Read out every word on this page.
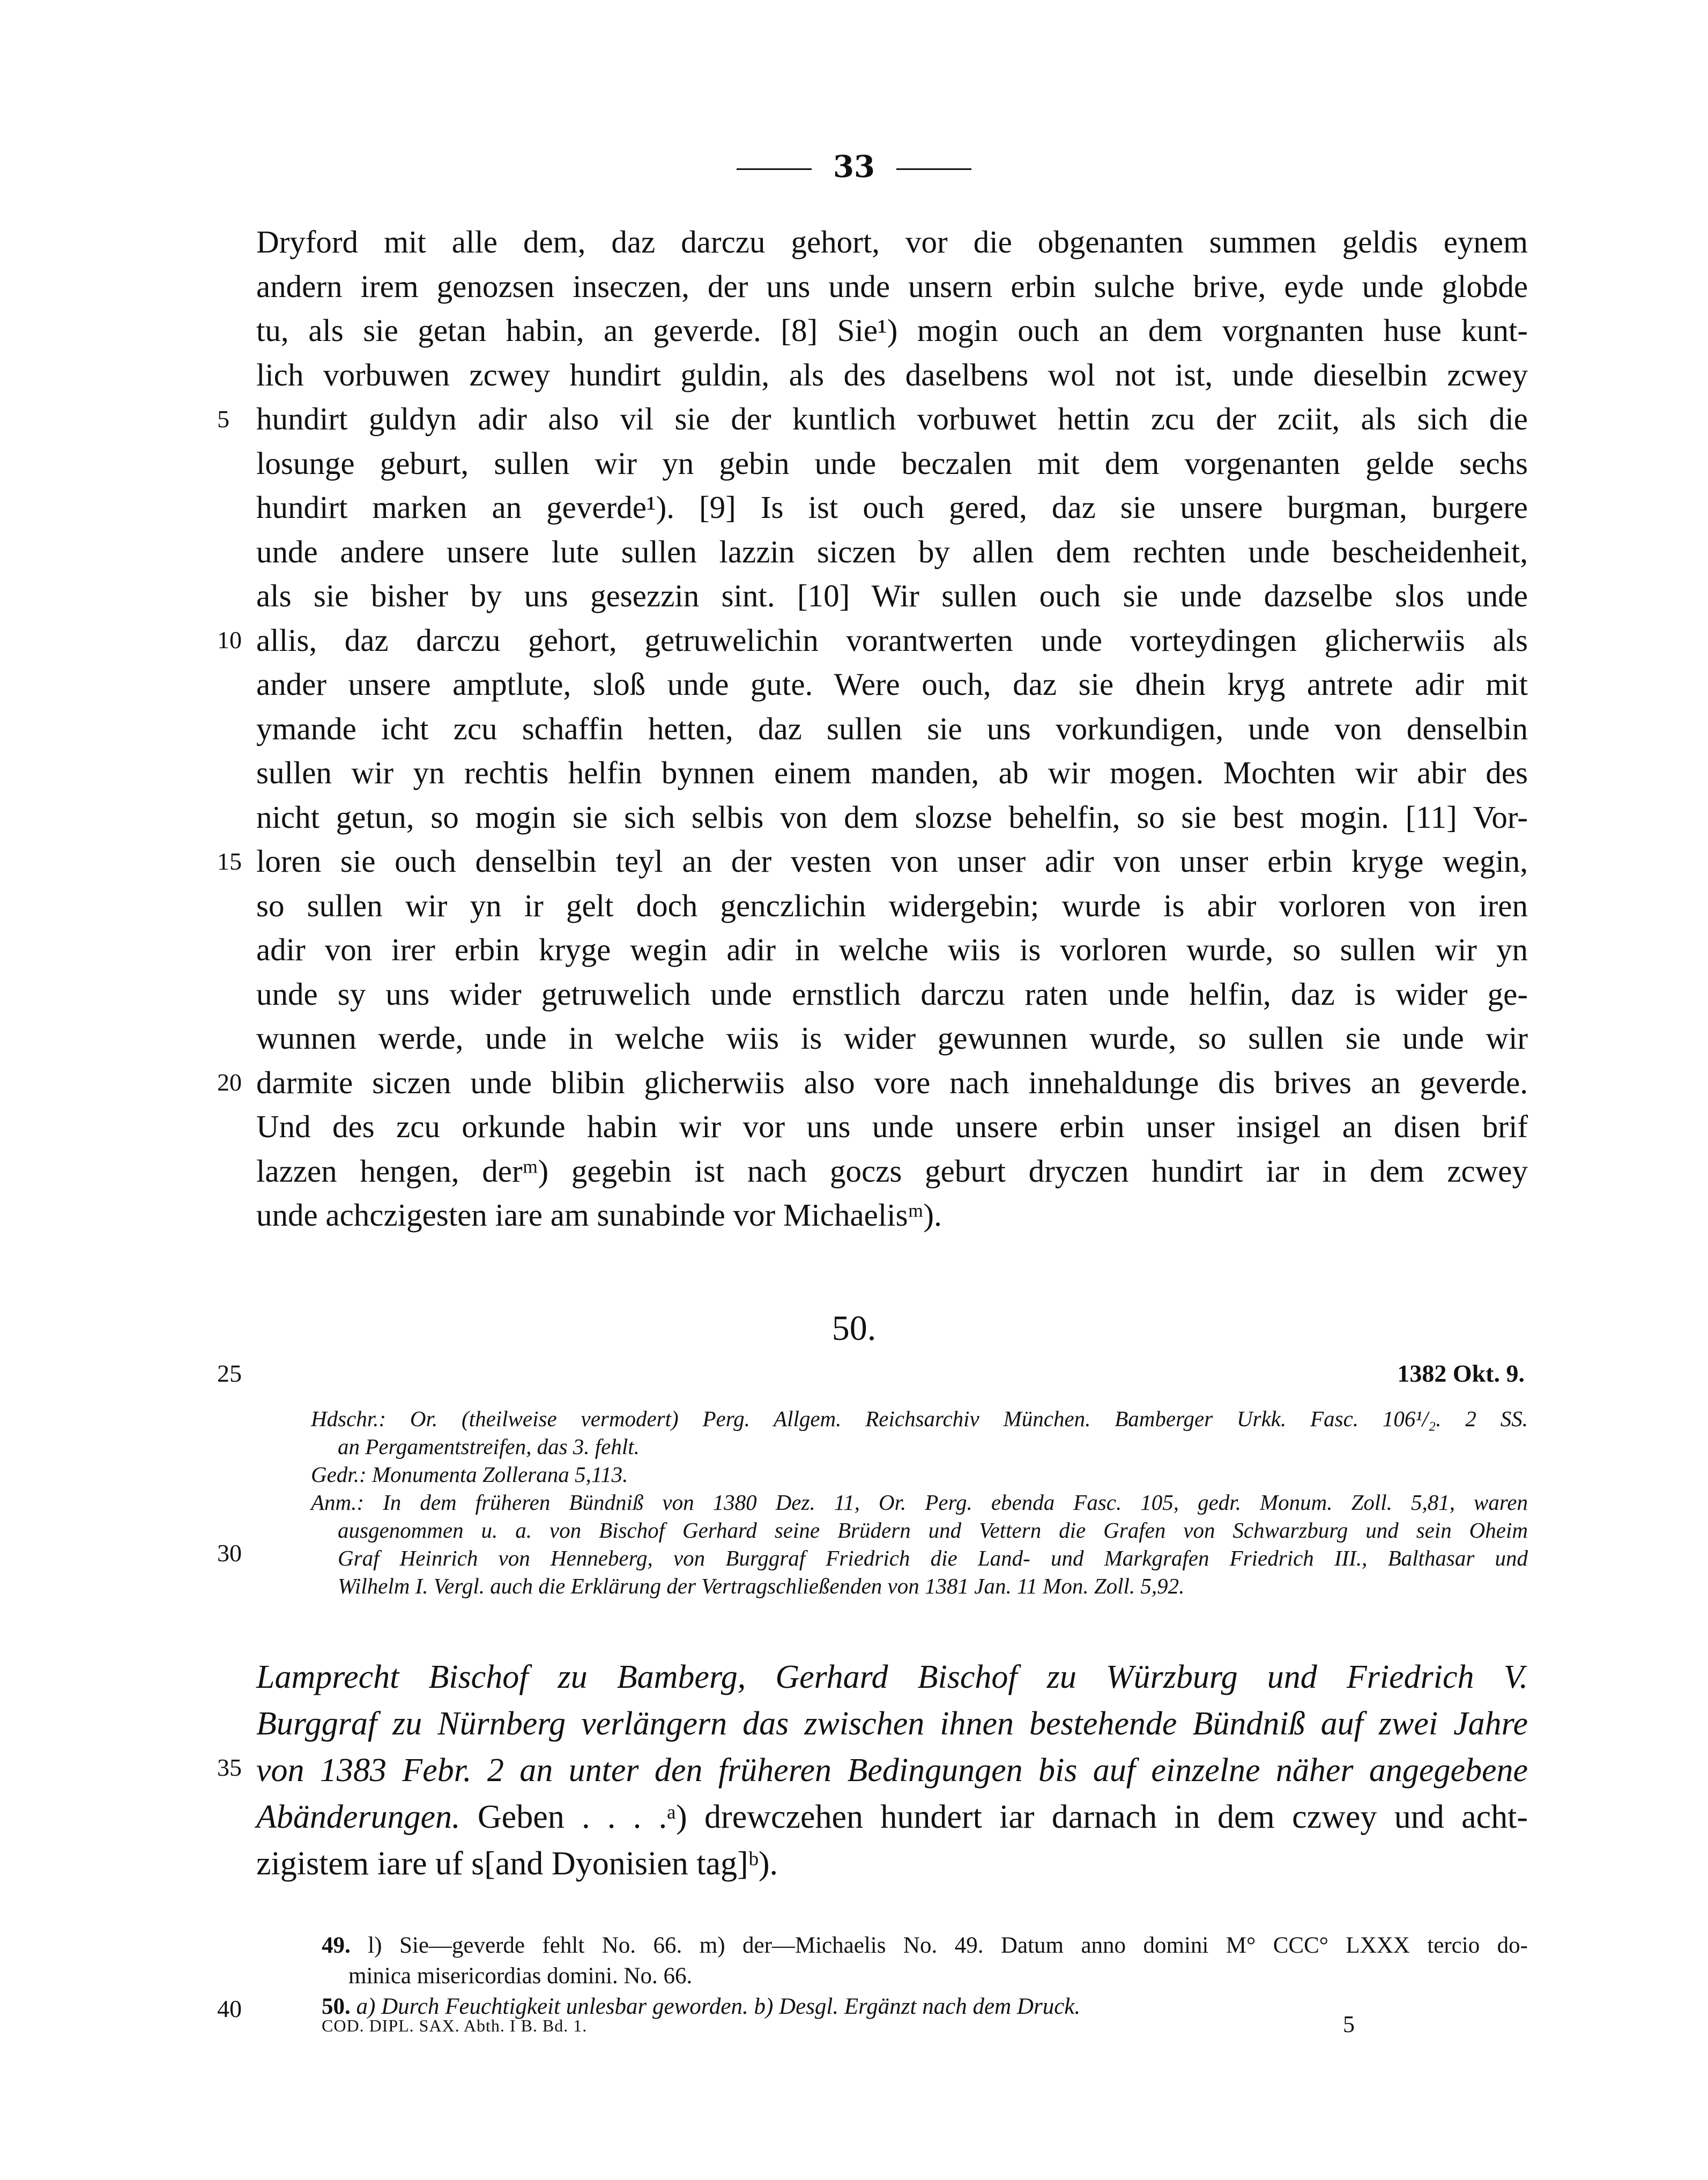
33
Dryford mit alle dem, daz darczu gehort, vor die obgenanten summen geldis eynem
andern irem genozsen inseczen, der uns unde unsern erbin sulche brive, eyde unde globde
tu, als sie getan habin, an geverde. [8] Sie¹) mogin ouch an dem vorgnanten huse kunt-
lich vorbuwen zcwey hundirt guldin, als des daselbens wol not ist, unde dieselbin zcwey
hundirt guldyn adir also vil sie der kuntlich vorbuwet hettin zcu der zciit, als sich die
losunge geburt, sullen wir yn gebin unde beczalen mit dem vorgenanten gelde sechs
hundirt marken an geverde¹). [9] Is ist ouch gered, daz sie unsere burgman, burgere
unde andere unsere lute sullen lazzin siczen by allen dem rechten unde bescheidenheit,
als sie bisher by uns gesezzin sint. [10] Wir sullen ouch sie unde dazselbe slos unde
allis, daz darczu gehort, getruwelichin vorantwerten unde vorteydingen glicherwiis als
ander unsere amptlute, sloß unde gute. Were ouch, daz sie dhein kryg antrete adir mit
ymande icht zcu schaffin hetten, daz sullen sie uns vorkundigen, unde von denselbin
sullen wir yn rechtis helfin bynnen einem manden, ab wir mogen. Mochten wir abir des
nicht getun, so mogin sie sich selbis von dem slozse behelfin, so sie best mogin. [11] Vor-
loren sie ouch denselbin teyl an der vesten von unser adir von unser erbin kryge wegin,
so sullen wir yn ir gelt doch genczlichin widergebin; wurde is abir vorloren von iren
adir von irer erbin kryge wegin adir in welche wiis is vorloren wurde, so sullen wir yn
unde sy uns wider getruwelich unde ernstlich darczu raten unde helfin, daz is wider ge-
wunnen werde, unde in welche wiis is wider gewunnen wurde, so sullen sie unde wir
darmite siczen unde blibin glicherwiis also vore nach innehaldunge dis brives an geverde.
Und des zcu orkunde habin wir vor uns unde unsere erbin unser insigel an disen brif
lazzen hengen, derᵐ) gegebin ist nach goczs geburt dryczen hundirt iar in dem zcwey
unde achczigesten iare am sunabinde vor Michaelisᵐ).
5
10
15
20
25
30
35
40
50.
1382 Okt. 9.
Hdschr.: Or. (theilweise vermodert) Perg. Allgem. Reichsarchiv München. Bamberger Urkk. Fasc. 106¹/₂. 2 SS.
an Pergamentstreifen, das 3. fehlt.
Gedr.: Monumenta Zollerana 5,113.
Anm.: In dem früheren Bündniß von 1380 Dez. 11, Or. Perg. ebenda Fasc. 105, gedr. Monum. Zoll. 5,81, waren
ausgenommen u. a. von Bischof Gerhard seine Brüdern und Vettern die Grafen von Schwarzburg und sein Oheim
Graf Heinrich von Henneberg, von Burggraf Friedrich die Land- und Markgrafen Friedrich III., Balthasar und
Wilhelm I. Vergl. auch die Erklärung der Vertragschließenden von 1381 Jan. 11 Mon. Zoll. 5,92.
Lamprecht Bischof zu Bamberg, Gerhard Bischof zu Würzburg und Friedrich V.
Burggraf zu Nürnberg verlängern das zwischen ihnen bestehende Bündniß auf zwei Jahre
von 1383 Febr. 2 an unter den früheren Bedingungen bis auf einzelne näher angegebene
Abänderungen. Geben . . . .ᵃ) drewczehen hundert iar darnach in dem czwey und acht-
zigistem iare uf s[and Dyonisien tag]ᵇ).
49. l) Sie—geverde fehlt No. 66. m) der—Michaelis No. 49. Datum anno domini M° CCC° LXXX tercio do-
minica misericordias domini. No. 66.
50. a) Durch Feuchtigkeit unlesbar geworden. b) Desgl. Ergänzt nach dem Druck.
COD. DIPL. SAX. Abth. I B. Bd. 1.	5
